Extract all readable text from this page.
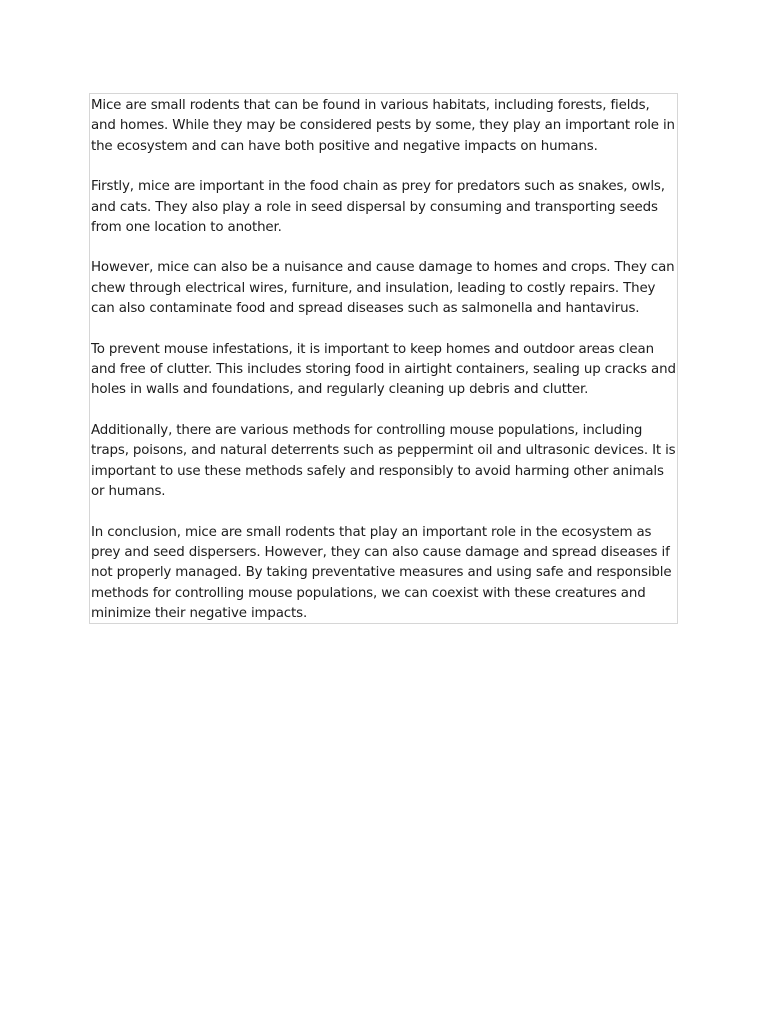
Mice are small rodents that can be found in various habitats, including forests, fields, and homes. While they may be considered pests by some, they play an important role in the ecosystem and can have both positive and negative impacts on humans.

Firstly, mice are important in the food chain as prey for predators such as snakes, owls, and cats. They also play a role in seed dispersal by consuming and transporting seeds from one location to another.

However, mice can also be a nuisance and cause damage to homes and crops. They can chew through electrical wires, furniture, and insulation, leading to costly repairs. They can also contaminate food and spread diseases such as salmonella and hantavirus.

To prevent mouse infestations, it is important to keep homes and outdoor areas clean and free of clutter. This includes storing food in airtight containers, sealing up cracks and holes in walls and foundations, and regularly cleaning up debris and clutter.

Additionally, there are various methods for controlling mouse populations, including traps, poisons, and natural deterrents such as peppermint oil and ultrasonic devices. It is important to use these methods safely and responsibly to avoid harming other animals or humans.

In conclusion, mice are small rodents that play an important role in the ecosystem as prey and seed dispersers. However, they can also cause damage and spread diseases if not properly managed. By taking preventative measures and using safe and responsible methods for controlling mouse populations, we can coexist with these creatures and minimize their negative impacts.
